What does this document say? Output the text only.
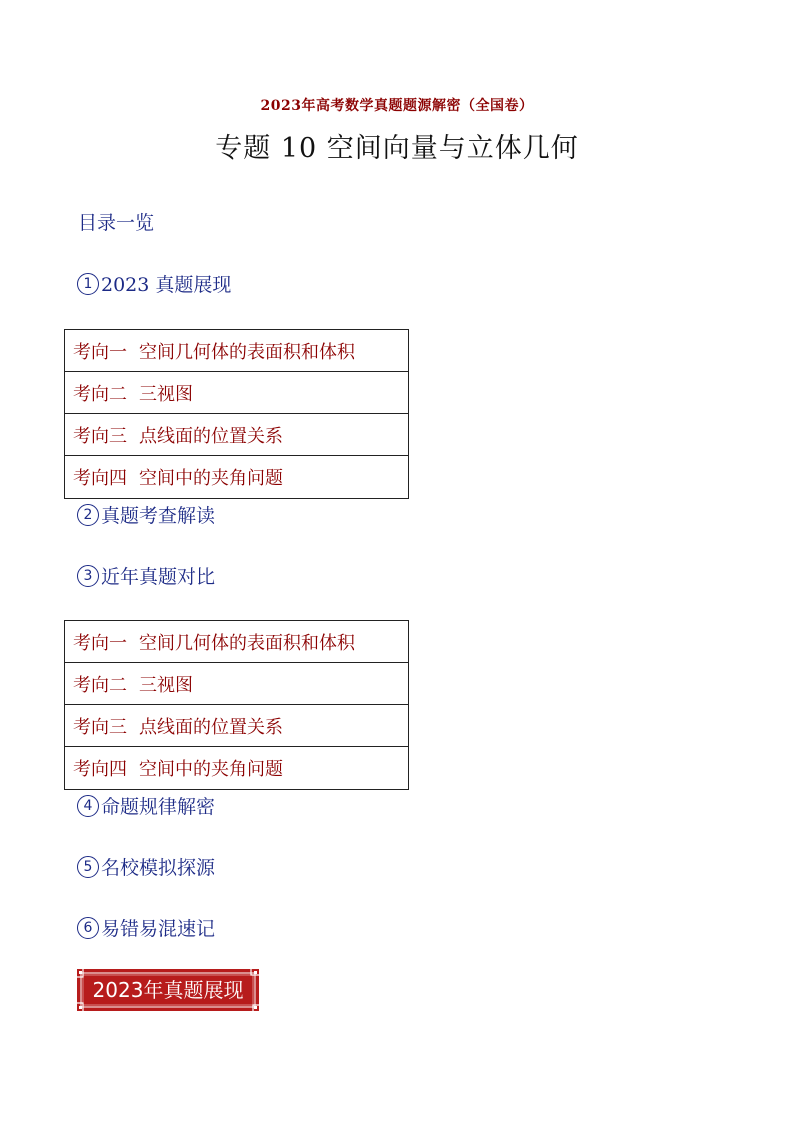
2023年高考数学真题题源解密（全国卷）
专题 10 空间向量与立体几何
目录一览
1 2023 真题展现
考向一 空间几何体的表面积和体积
考向二 三视图
考向三 点线面的位置关系
考向四 空间中的夹角问题
2 真题考查解读
3 近年真题对比
考向一 空间几何体的表面积和体积
考向二 三视图
考向三 点线面的位置关系
考向四 空间中的夹角问题
4 命题规律解密
5 名校模拟探源
6 易错易混速记
2023年真题展现
